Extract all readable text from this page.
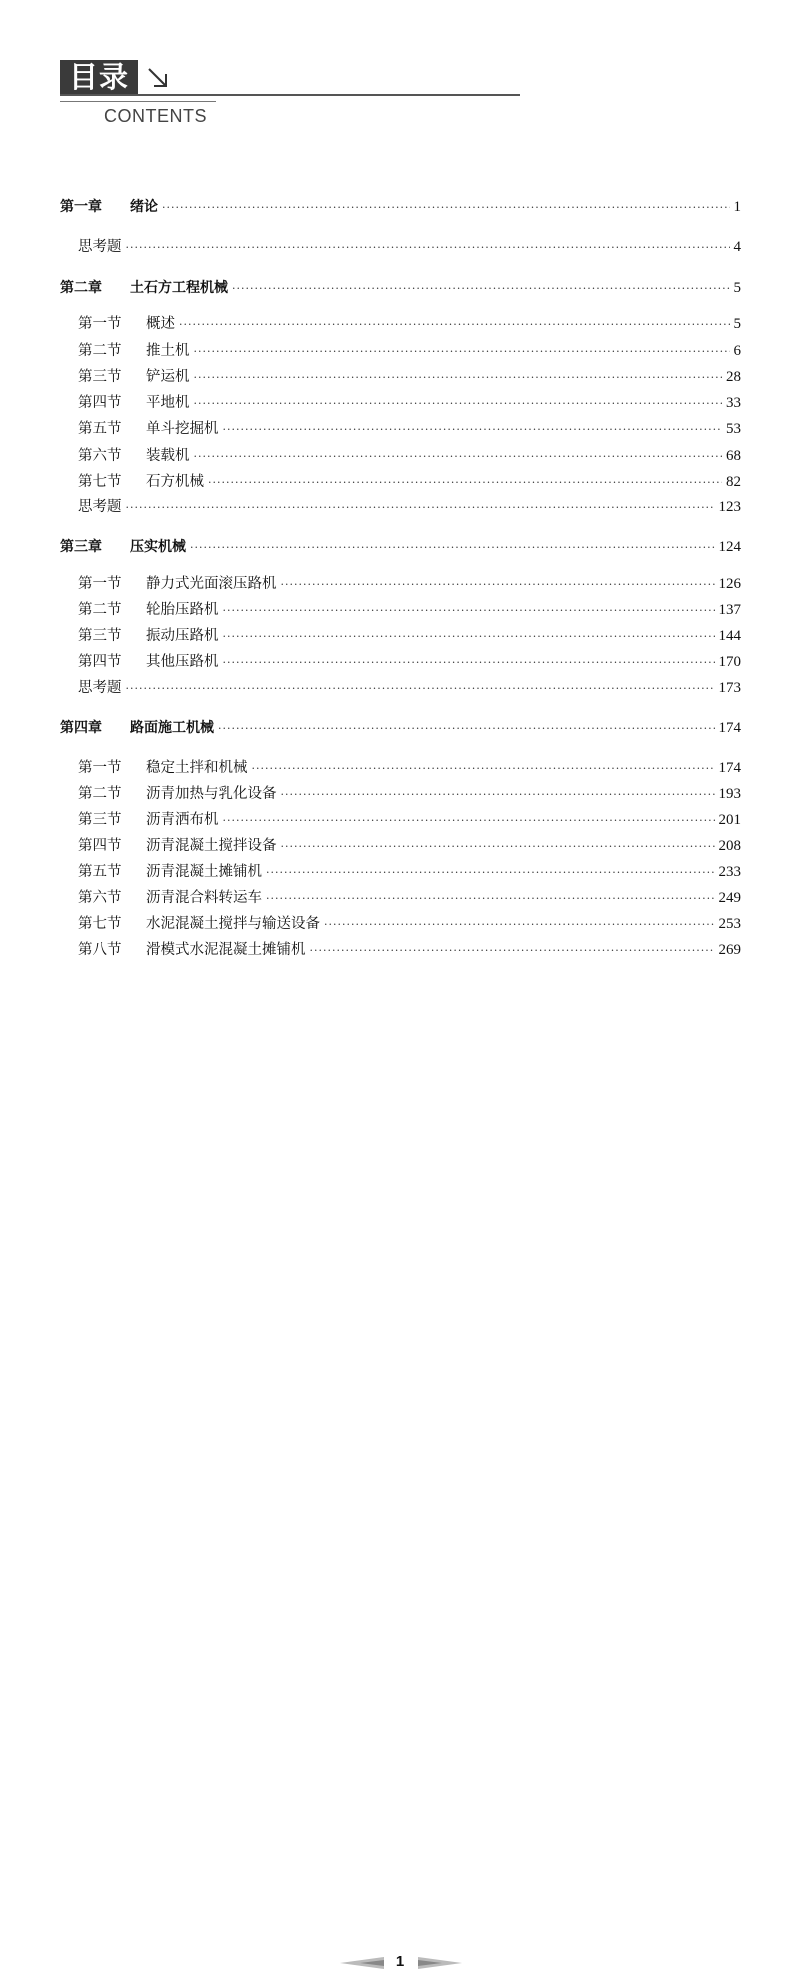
目录
CONTENTS
第一章	绪论 ·····	1
思考题 ·····	4
第二章	土石方工程机械 ·····	5
第一节	概述 ·····	5
第二节	推土机 ·····	6
第三节	铲运机 ·····	28
第四节	平地机 ·····	33
第五节	单斗挖掘机 ·····	53
第六节	装载机 ·····	68
第七节	石方机械 ·····	82
思考题 ·····	123
第三章	压实机械 ·····	124
第一节	静力式光面滚压路机 ·····	126
第二节	轮胎压路机 ·····	137
第三节	振动压路机 ·····	144
第四节	其他压路机 ·····	170
思考题 ·····	173
第四章	路面施工机械 ·····	174
第一节	稳定土拌和机械 ·····	174
第二节	沥青加热与乳化设备 ·····	193
第三节	沥青洒布机 ·····	201
第四节	沥青混凝土搅拌设备 ·····	208
第五节	沥青混凝土摊铺机 ·····	233
第六节	沥青混合料转运车 ·····	249
第七节	水泥混凝土搅拌与输送设备 ·····	253
第八节	滑模式水泥混凝土摊铺机 ·····	269
1
